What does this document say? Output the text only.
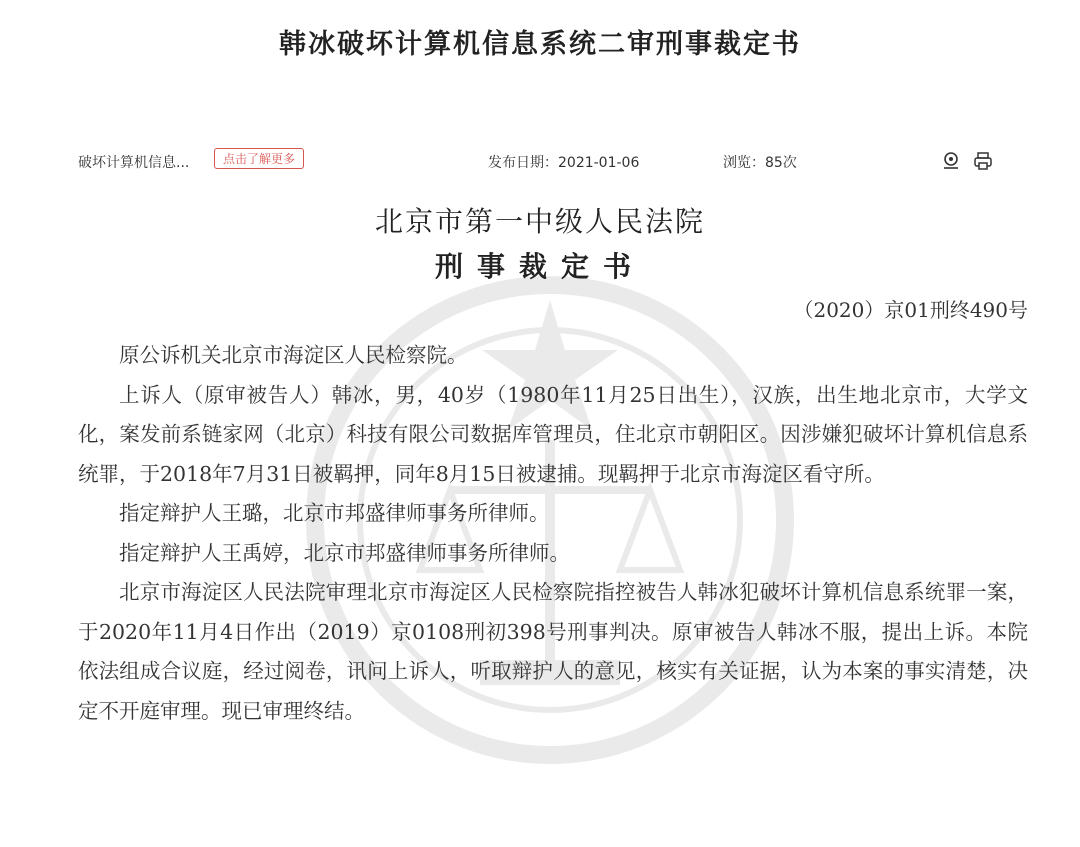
韩冰破坏计算机信息系统二审刑事裁定书
破坏计算机信息...	点击了解更多	发布日期：2021-01-06	浏览：85次
北京市第一中级人民法院
刑事裁定书
（2020）京01刑终490号

原公诉机关北京市海淀区人民检察院。

上诉人（原审被告人）韩冰，男，40岁（1980年11月25日出生），汉族，出生地北京市，大学文化，案发前系链家网（北京）科技有限公司数据库管理员，住北京市朝阳区。因涉嫌犯破坏计算机信息系统罪，于2018年7月31日被羁押，同年8月15日被逮捕。现羁押于北京市海淀区看守所。

指定辩护人王璐，北京市邦盛律师事务所律师。

指定辩护人王禹婷，北京市邦盛律师事务所律师。

北京市海淀区人民法院审理北京市海淀区人民检察院指控被告人韩冰犯破坏计算机信息系统罪一案，于2020年11月4日作出（2019）京0108刑初398号刑事判决。原审被告人韩冰不服，提出上诉。本院依法组成合议庭，经过阅卷，讯问上诉人，听取辩护人的意见，核实有关证据，认为本案的事实清楚，决定不开庭审理。现已审理终结。
